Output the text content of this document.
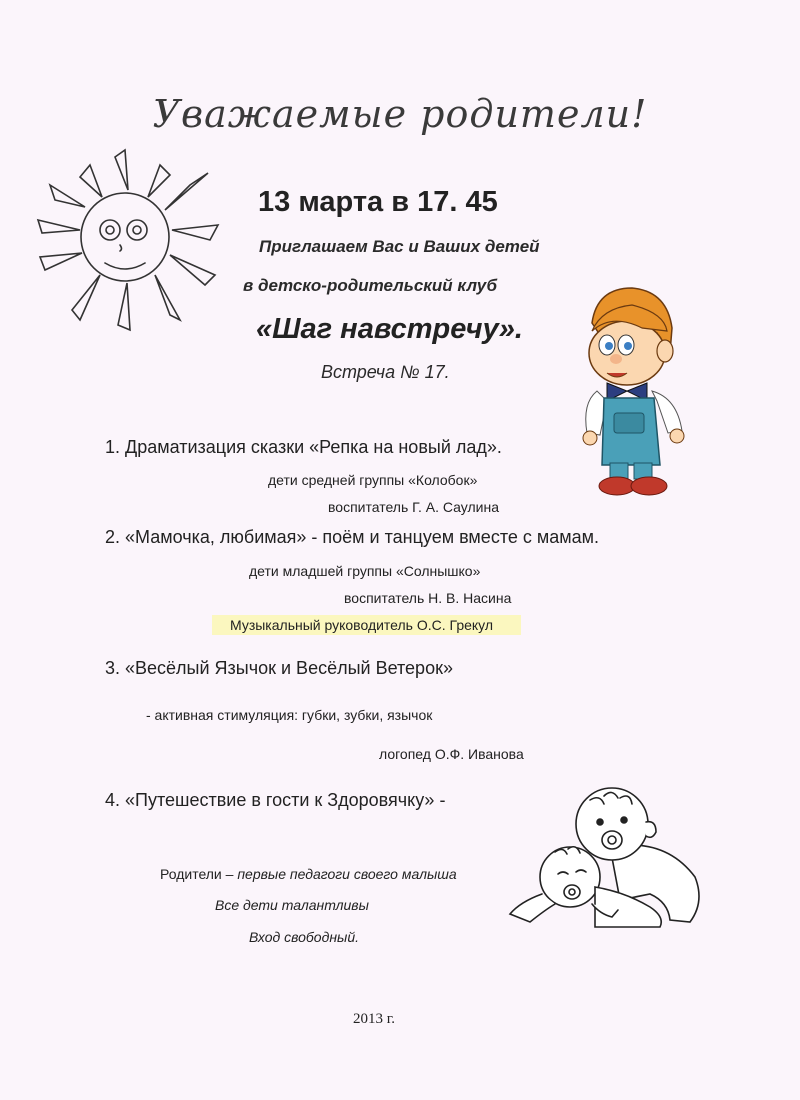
Уважаемые родители!
13 марта в 17. 45
Приглашаем Вас и Ваших детей
в детско-родительский клуб
«Шаг навстречу».
Встреча № 17.
1. Драматизация сказки «Репка на новый лад».
дети средней группы «Колобок»
воспитатель Г. А. Саулина
2. «Мамочка, любимая» - поём и танцуем вместе с мамам.
дети младшей группы «Солнышко»
воспитатель Н. В. Насина
Музыкальный руководитель О.С. Грекул
3. «Весёлый Язычок и Весёлый Ветерок»
- активная стимуляция: губки, зубки, язычок
логопед О.Ф. Иванова
4. «Путешествие в гости к Здоровячку» -
Родители – первые педагоги своего малыша
Все дети талантливы
Вход свободный.
2013 г.
